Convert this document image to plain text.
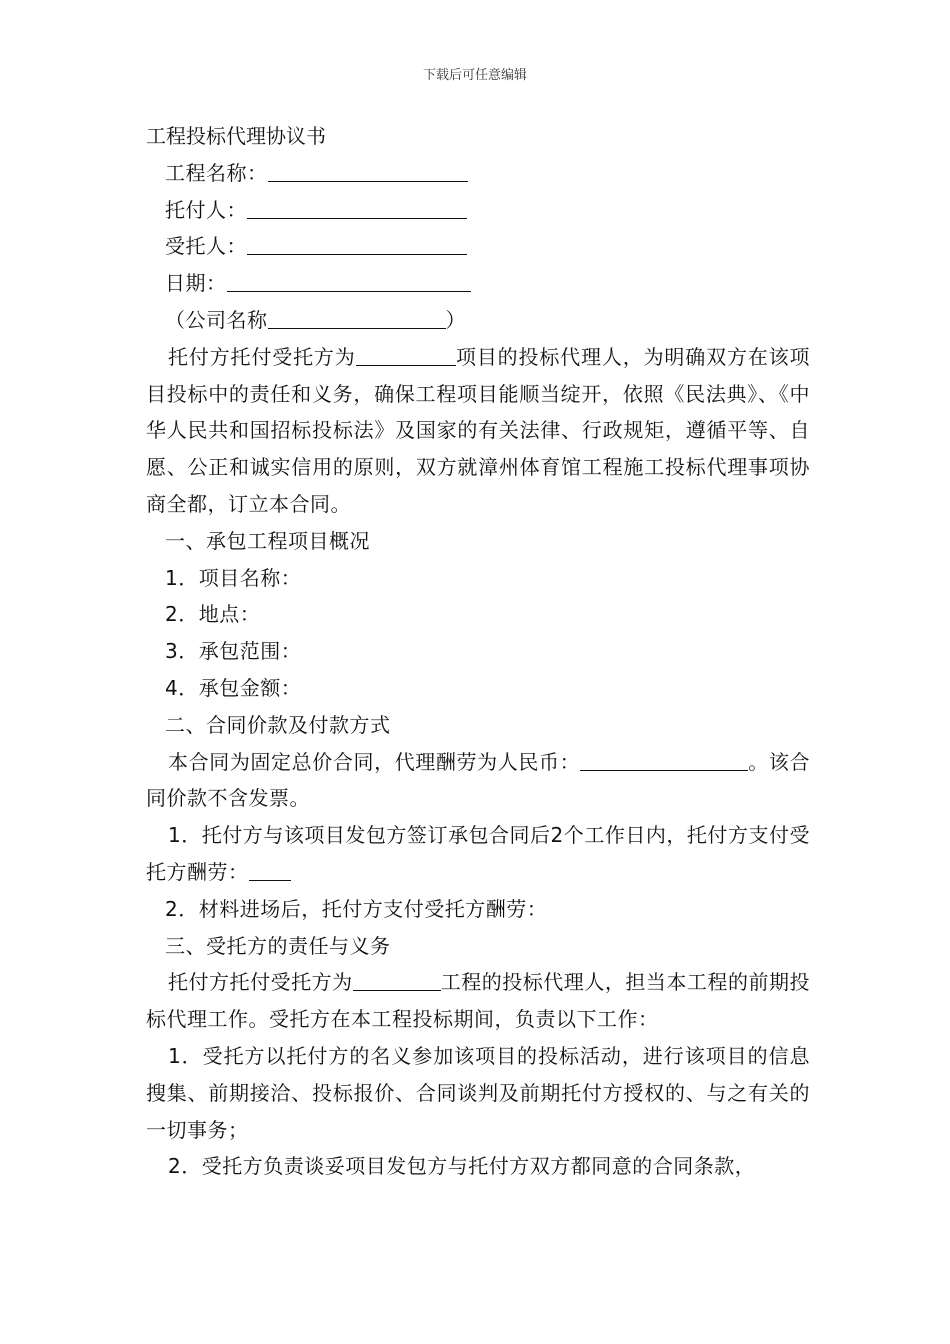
下载后可任意编辑
工程投标代理协议书
工程名称：
托付人：
受托人：
日期：
（公司名称	）
托付方托付受托方为	项目的投标代理人，为明确双方在该项目投标中的责任和义务，确保工程项目能顺当绽开，依照《民法典》、《中华人民共和国招标投标法》及国家的有关法律、行政规矩，遵循平等、自愿、公正和诚实信用的原则，双方就漳州体育馆工程施工投标代理事项协商全都，订立本合同。
一、承包工程项目概况
1．项目名称：
2．地点：
3．承包范围：
4．承包金额：
二、合同价款及付款方式
本合同为固定总价合同，代理酬劳为人民币：	。该合同价款不含发票。
1．托付方与该项目发包方签订承包合同后2个工作日内，托付方支付受托方酬劳：
2．材料进场后，托付方支付受托方酬劳：
三、受托方的责任与义务
托付方托付受托方为	工程的投标代理人，担当本工程的前期投标代理工作。受托方在本工程投标期间，负责以下工作：
1．受托方以托付方的名义参加该项目的投标活动，进行该项目的信息搜集、前期接洽、投标报价、合同谈判及前期托付方授权的、与之有关的一切事务；
2．受托方负责谈妥项目发包方与托付方双方都同意的合同条款，
